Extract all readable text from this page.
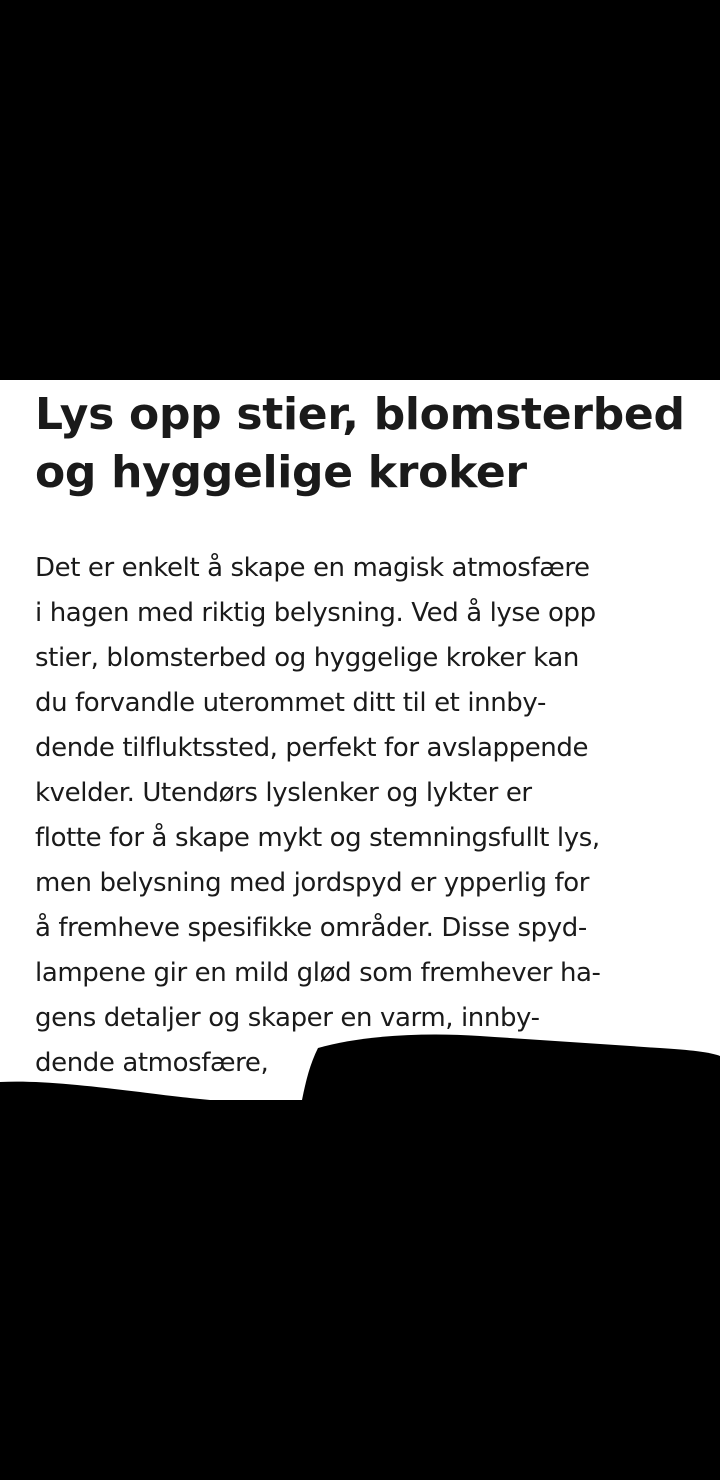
Lys opp stier, blomsterbed og hyggelige kroker

Det er enkelt å skape en magisk atmosfære
i hagen med riktig belysning. Ved å lyse opp
stier, blomsterbed og hyggelige kroker kan
du forvandle uterommet ditt til et innby-
dende tilfluktssted, perfekt for avslappende
kvelder. Utendørs lyslenker og lykter er
flotte for å skape mykt og stemningsfullt lys,
men belysning med jordspyd er ypperlig for
å fremheve spesifikke områder. Disse spyd-
lampene gir en mild glød som fremhever ha-
gens detaljer og skaper en varm, innby-
dende atmosfære,
